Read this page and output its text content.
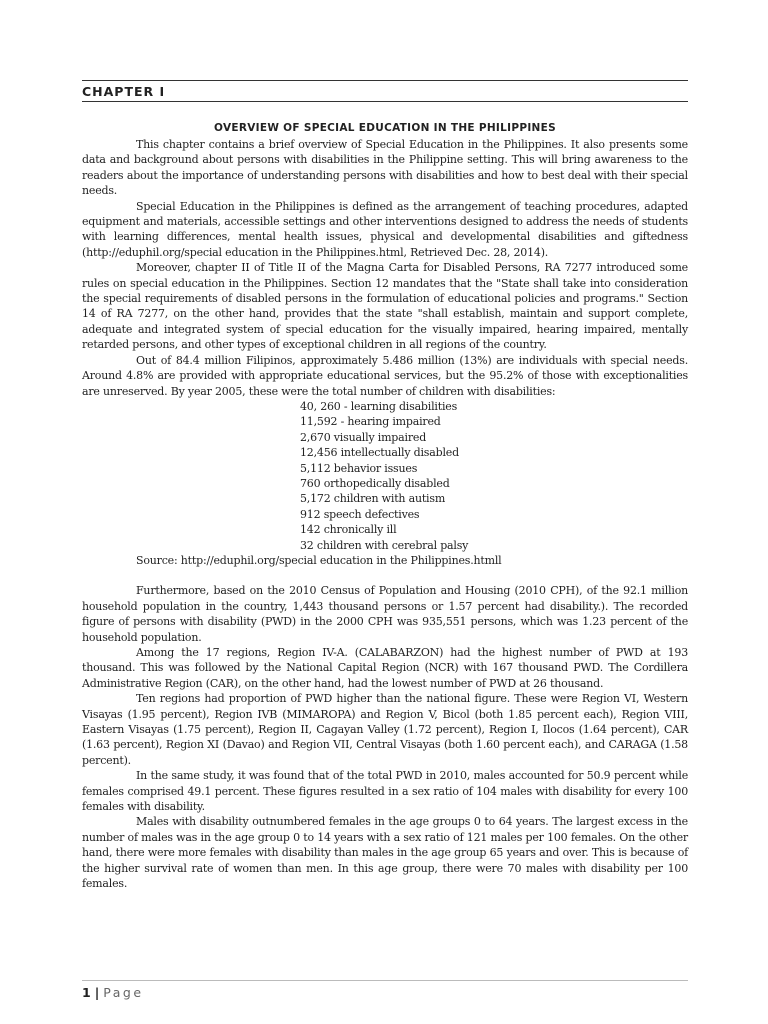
CHAPTER I
OVERVIEW OF SPECIAL EDUCATION IN THE PHILIPPINES

This chapter contains a brief overview of Special Education in the Philippines. It also presents some data and background about persons with disabilities in the Philippine setting. This will bring awareness to the readers about the importance of understanding persons with disabilities and how to best deal with their special needs.

Special Education in the Philippines is defined as the arrangement of teaching procedures, adapted equipment and materials, accessible settings and other interventions designed to address the needs of students with learning differences, mental health issues, physical and developmental disabilities and giftedness (http://eduphil.org/special education in the Philippines.html, Retrieved Dec. 28, 2014).

Moreover, chapter II of Title II of the Magna Carta for Disabled Persons, RA 7277 introduced some rules on special education in the Philippines. Section 12 mandates that the "State shall take into consideration the special requirements of disabled persons in the formulation of educational policies and programs." Section 14 of RA 7277, on the other hand, provides that the state "shall establish, maintain and support complete, adequate and integrated system of special education for the visually impaired, hearing impaired, mentally retarded persons, and other types of exceptional children in all regions of the country.

Out of 84.4 million Filipinos, approximately 5.486 million (13%) are individuals with special needs. Around 4.8% are provided with appropriate educational services, but the 95.2% of those with exceptionalities are unreserved. By year 2005, these were the total number of children with disabilities:

40, 260 - learning disabilities
11,592 - hearing impaired
2,670 visually impaired
12,456 intellectually disabled
5,112 behavior issues
760 orthopedically disabled
5,172 children with autism
912 speech defectives
142 chronically ill
32 children with cerebral palsy
Source: http://eduphil.org/special education in the Philippines.htmll

Furthermore, based on the 2010 Census of Population and Housing (2010 CPH), of the 92.1 million household population in the country, 1,443 thousand persons or 1.57 percent had disability.). The recorded figure of persons with disability (PWD) in the 2000 CPH was 935,551 persons, which was 1.23 percent of the household population.

Among the 17 regions, Region IV-A. (CALABARZON) had the highest number of PWD at 193 thousand. This was followed by the National Capital Region (NCR) with 167 thousand PWD. The Cordillera Administrative Region (CAR), on the other hand, had the lowest number of PWD at 26 thousand.

Ten regions had proportion of PWD higher than the national figure. These were Region VI, Western Visayas (1.95 percent), Region IVB (MIMAROPA) and Region V, Bicol (both 1.85 percent each), Region VIII, Eastern Visayas (1.75 percent), Region II, Cagayan Valley (1.72 percent), Region I, Ilocos (1.64 percent), CAR (1.63 percent), Region XI (Davao) and Region VII, Central Visayas (both 1.60 percent each), and CARAGA (1.58 percent).

In the same study, it was found that of the total PWD in 2010, males accounted for 50.9 percent while females comprised 49.1 percent. These figures resulted in a sex ratio of 104 males with disability for every 100 females with disability.

Males with disability outnumbered females in the age groups 0 to 64 years. The largest excess in the number of males was in the age group 0 to 14 years with a sex ratio of 121 males per 100 females. On the other hand, there were more females with disability than males in the age group 65 years and over. This is because of the higher survival rate of women than men. In this age group, there were 70 males with disability per 100 females.

1 | Page
